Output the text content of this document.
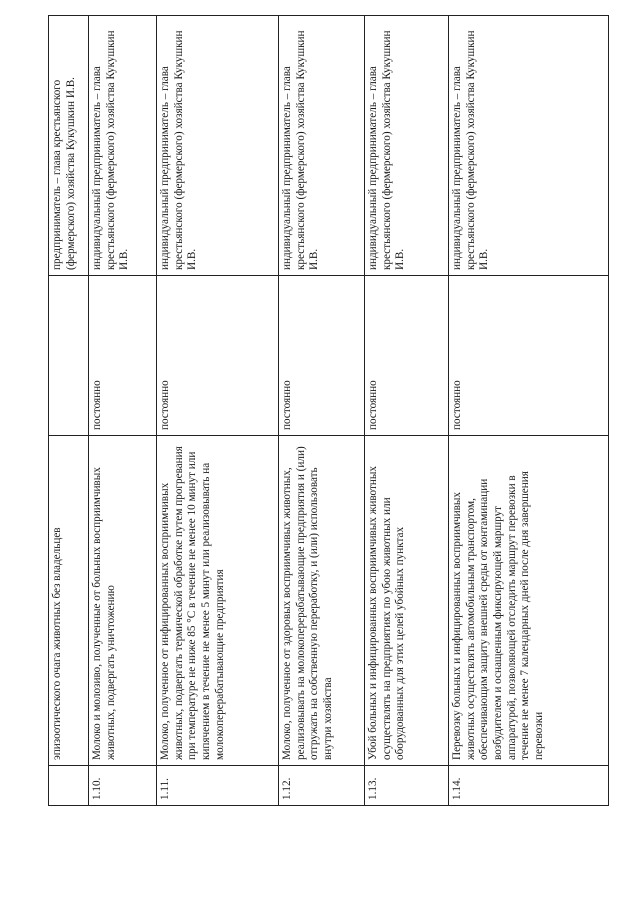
	эпизоотического очага животных без владельцев		предприниматель – глава крестьянского (фермерского) хозяйства Кукушкин И.В.
1.10.	Молоко и молозиво, полученные от больных восприимчивых животных, подвергать уничтожению	постоянно	индивидуальный предприниматель – глава крестьянского (фермерского) хозяйства Кукушкин И.В.
1.11.	Молоко, полученное от инфицированных восприимчивых животных, подвергать термической обработке путем прогревания при температуре не ниже 85 °С в течение не менее 10 минут или кипячением в течение не менее 5 минут или реализовывать на молокоперерабатывающие предприятия	постоянно	индивидуальный предприниматель – глава крестьянского (фермерского) хозяйства Кукушкин И.В.
1.12.	Молоко, полученное от здоровых восприимчивых животных, реализовывать на молокоперерабатывающие предприятия и (или) отгружать на собственную переработку, и (или) использовать внутри хозяйства	постоянно	индивидуальный предприниматель – глава крестьянского (фермерского) хозяйства Кукушкин И.В.
1.13.	Убой больных и инфицированных восприимчивых животных осуществлять на предприятиях по убою животных или оборудованных для этих целей убойных пунктах	постоянно	индивидуальный предприниматель – глава крестьянского (фермерского) хозяйства Кукушкин И.В.
1.14.	Перевозку больных и инфицированных восприимчивых животных осуществлять автомобильным транспортом, обеспечивающим защиту внешней среды от контаминации возбудителем и оснащенным фиксирующей маршрут аппаратурой, позволяющей отследить маршрут перевозки в течение не менее 7 календарных дней после дня завершения перевозки	постоянно	индивидуальный предприниматель – глава крестьянского (фермерского) хозяйства Кукушкин И.В.
